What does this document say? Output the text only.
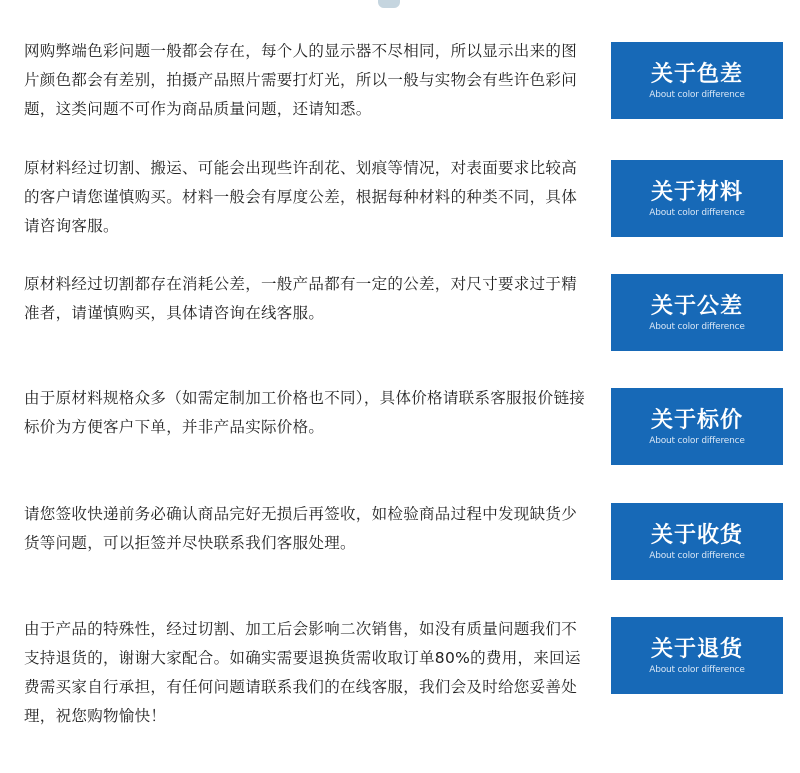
网购弊端色彩问题一般都会存在，每个人的显示器不尽相同，所以显示出来的图片颜色都会有差别，拍摄产品照片需要打灯光，所以一般与实物会有些许色彩问题，这类问题不可作为商品质量问题，还请知悉。

关于色差
About color difference

原材料经过切割、搬运、可能会出现些许刮花、划痕等情况，对表面要求比较高的客户请您谨慎购买。材料一般会有厚度公差，根据每种材料的种类不同，具体请咨询客服。

关于材料
About color difference

原材料经过切割都存在消耗公差，一般产品都有一定的公差，对尺寸要求过于精准者，请谨慎购买，具体请咨询在线客服。	关于公差
About color difference

由于原材料规格众多（如需定制加工价格也不同），具体价格请联系客服报价链接标价为方便客户下单，并非产品实际价格。	关于标价
About color difference

请您签收快递前务必确认商品完好无损后再签收，如检验商品过程中发现缺货少货等问题，可以拒签并尽快联系我们客服处理。	关于收货
About color difference

由于产品的特殊性，经过切割、加工后会影响二次销售，如没有质量问题我们不支持退货的，谢谢大家配合。如确实需要退换货需收取订单80%的费用，来回运费需买家自行承担，有任何问题请联系我们的在线客服，我们会及时给您妥善处理，祝您购物愉快！

关于退货
About color difference
